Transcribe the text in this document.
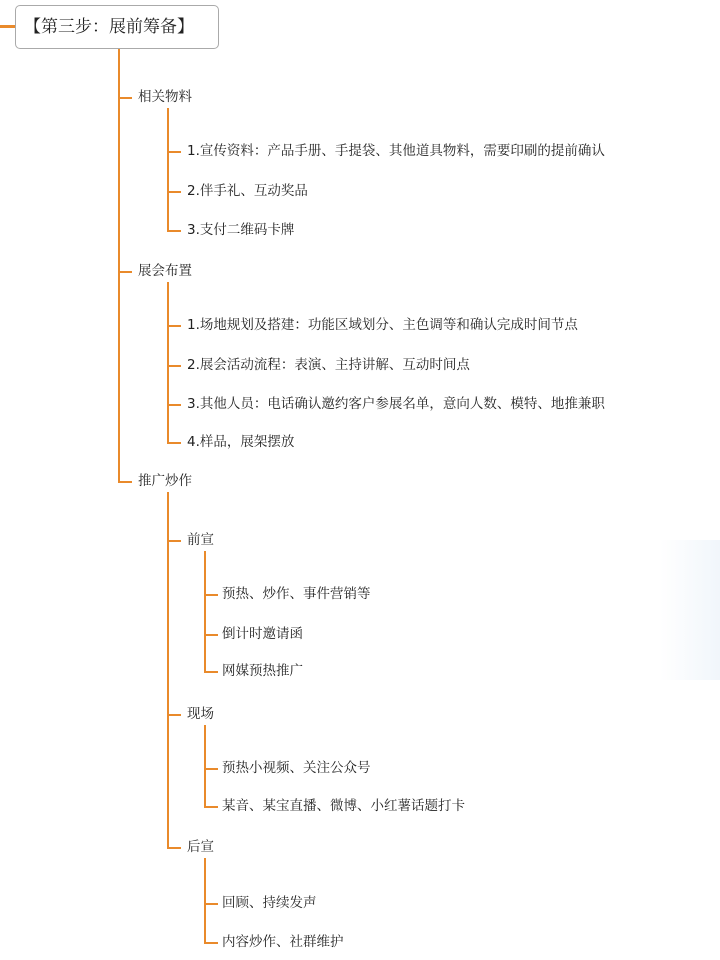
【第三步：展前筹备】
相关物料
1.宣传资料：产品手册、手提袋、其他道具物料，需要印刷的提前确认
2.伴手礼、互动奖品
3.支付二维码卡牌
展会布置
1.场地规划及搭建：功能区域划分、主色调等和确认完成时间节点
2.展会活动流程：表演、主持讲解、互动时间点
3.其他人员：电话确认邀约客户参展名单，意向人数、模特、地推兼职
4.样品，展架摆放
推广炒作
前宣
预热、炒作、事件营销等
倒计时邀请函
网媒预热推广
现场
预热小视频、关注公众号
某音、某宝直播、微博、小红薯话题打卡
后宣
回顾、持续发声
内容炒作、社群维护
